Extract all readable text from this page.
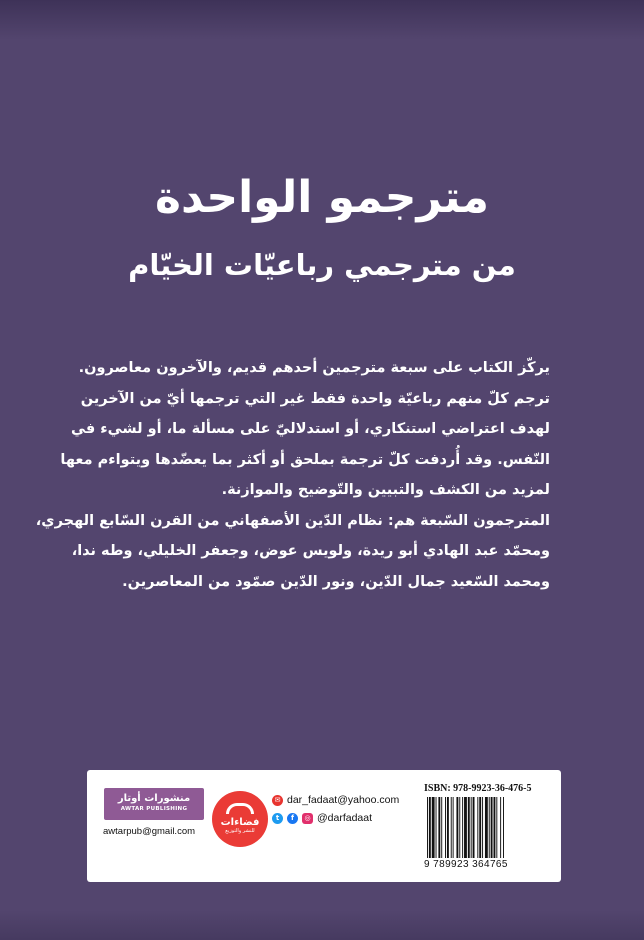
مترجمو الواحدة
من مترجمي رباعيّات الخيّام
يركّز الكتاب على سبعة مترجمين أحدهم قديم، والآخرون معاصرون.
ترجم كلّ منهم رباعيّة واحدة فقط غير التي ترجمها أيّ من الآخرين
لهدف اعتراضي استنكاري، أو استدلاليّ على مسألة ما، أو لشيء في
النّفس. وقد أُردفت كلّ ترجمة بملحق أو أكثر بما يعضّدها ويتواءم معها
لمزيد من الكشف والتبيين والتّوضيح والموازنة.
المترجمون السّبعة هم: نظام الدّين الأصفهاني من القرن السّابع الهجري،
ومحمّد عبد الهادي أبو ريدة، ولويس عوض، وجعفر الخليلي، وطه ندا،
ومحمد السّعيد جمال الدّين، ونور الدّين صمّود من المعاصرين.
منشورات أوتار
AWTAR PUBLISHING
awtarpub@gmail.com
فضاءات
للنشر والتوزيع
✉ dar_fadaat@yahoo.com
t	f	◎ @darfadaat
ISBN: 978-9923-36-476-5
9 789923 364765
